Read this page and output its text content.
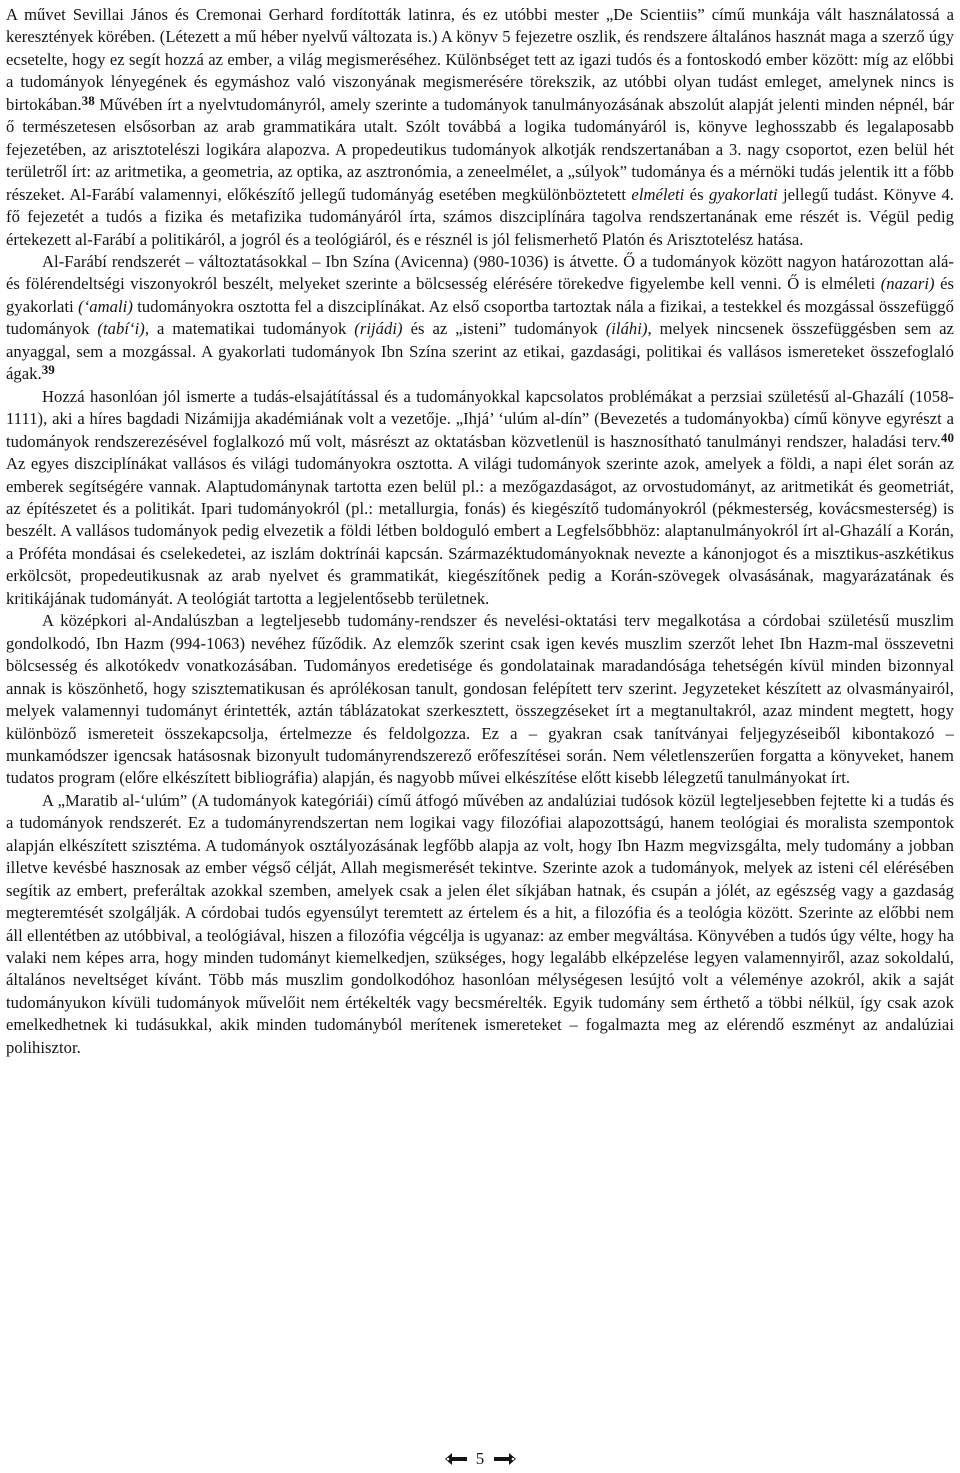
A művet Sevillai János és Cremonai Gerhard fordították latinra, és ez utóbbi mester „De Scientiis” című munkája vált használatossá a keresztények körében. (Létezett a mű héber nyelvű változata is.) A könyv 5 fejezetre oszlik, és rendszere általános hasznát maga a szerző úgy ecsetelte, hogy ez segít hozzá az ember, a világ megismeréséhez. Különbséget tett az igazi tudós és a fontoskodó ember között: míg az előbbi a tudományok lényegének és egymáshoz való viszonyának megismerésére törekszik, az utóbbi olyan tudást emleget, amelynek nincs is birtokában.$^{38}$ Művében írt a nyelvtudományról, amely szerinte a tudományok tanulmányozásának abszolút alapját jelenti minden népnél, bár ő természetesen elsősorban az arab grammatikára utalt. Szólt továbbá a logika tudományáról is, könyve leghosszabb és legalaposabb fejezetében, az arisztotelészi logikára alapozva. A propedeutikus tudományok alkotják rendszertanában a 3. nagy csoportot, ezen belül hét területről írt: az aritmetika, a geometria, az optika, az asztronómia, a zeneelmélet, a „súlyok” tudománya és a mérnöki tudás jelentik itt a főbb részeket. Al-Farábí valamennyi, előkészítő jellegű tudományág esetében megkülönböztetett elméleti és gyakorlati jellegű tudást. Könyve 4. fő fejezetét a tudós a fizika és metafizika tudományáról írta, számos diszciplínára tagolva rendszertanának eme részét is. Végül pedig értekezett al-Farábí a politikáról, a jogról és a teológiáról, és e résznél is jól felismerhető Platón és Arisztotelész hatása.

Al-Farábí rendszerét – változtatásokkal – Ibn Szína (Avicenna) (980-1036) is átvette. Ő a tudományok között nagyon határozottan alá- és fölérendeltségi viszonyokról beszélt, melyeket szerinte a bölcsesség elérésére törekedve figyelembe kell venni. Ő is elméleti (nazari) és gyakorlati (‘amali) tudományokra osztotta fel a diszciplínákat. Az első csoportba tartoztak nála a fizikai, a testekkel és mozgással összefüggő tudományok (tabí‘i), a matematikai tudományok (rijádi) és az „isteni” tudományok (iláhi), melyek nincsenek összefüggésben sem az anyaggal, sem a mozgással. A gyakorlati tudományok Ibn Szína szerint az etikai, gazdasági, politikai és vallásos ismereteket összefoglaló ágak.$^{39}$

Hozzá hasonlóan jól ismerte a tudás-elsajátítással és a tudományokkal kapcsolatos problémákat a perzsiai születésű al-Ghazálí (1058-1111), aki a híres bagdadi Nizámijja akadémiának volt a vezetője. „Ihjá’ ‘ulúm al-dín” (Bevezetés a tudományokba) című könyve egyrészt a tudományok rendszerezésével foglalkozó mű volt, másrészt az oktatásban közvetlenül is hasznosítható tanulmányi rendszer, haladási terv.$^{40}$ Az egyes diszciplínákat vallásos és világi tudományokra osztotta. A világi tudományok szerinte azok, amelyek a földi, a napi élet során az emberek segítségére vannak. Alaptudománynak tartotta ezen belül pl.: a mezőgazdaságot, az orvostudományt, az aritmetikát és geometriát, az építészetet és a politikát. Ipari tudományokról (pl.: metallurgia, fonás) és kiegészítő tudományokról (pékmesterség, kovácsmesterség) is beszélt. A vallásos tudományok pedig elvezetik a földi létben boldoguló embert a Legfelsőbbhöz: alaptanulmányokról írt al-Ghazálí a Korán, a Próféta mondásai és cselekedetei, az iszlám doktrínái kapcsán. Származéktudományoknak nevezte a kánonjogot és a misztikus-aszkétikus erkölcsöt, propedeutikusnak az arab nyelvet és grammatikát, kiegészítőnek pedig a Korán-szövegek olvasásának, magyarázatának és kritikájának tudományát. A teológiát tartotta a legjelentősebb területnek.

A középkori al-Andalúszban a legteljesebb tudomány-rendszer és nevelési-oktatási terv megalkotása a córdobai születésű muszlim gondolkodó, Ibn Hazm (994-1063) nevéhez fűződik. Az elemzők szerint csak igen kevés muszlim szerzőt lehet Ibn Hazm-mal összevetni bölcsesség és alkotókedv vonatkozásában. Tudományos eredetisége és gondolatainak maradandósága tehetségén kívül minden bizonnyal annak is köszönhető, hogy szisztematikusan és aprólékosan tanult, gondosan felépített terv szerint. Jegyzeteket készített az olvasmányairól, melyek valamennyi tudományt érintették, aztán táblázatokat szerkesztett, összegzéseket írt a megtanultakról, azaz mindent megtett, hogy különböző ismereteit összekapcsolja, értelmezze és feldolgozza. Ez a – gyakran csak tanítványai feljegyzéseiből kibontakozó – munkamódszer igencsak hatásosnak bizonyult tudományrendszerező erőfeszítései során. Nem véletlenszerűen forgatta a könyveket, hanem tudatos program (előre elkészített bibliográfia) alapján, és nagyobb művei elkészítése előtt kisebb lélegzetű tanulmányokat írt.

A „Maratib al-‘ulúm” (A tudományok kategóriái) című átfogó művében az andalúziai tudósok közül legteljesebben fejtette ki a tudás és a tudományok rendszerét. Ez a tudományrendszertan nem logikai vagy filozófiai alapozottságú, hanem teológiai és moralista szempontok alapján elkészített szisztéma. A tudományok osztályozásának legfőbb alapja az volt, hogy Ibn Hazm megvizsgálta, mely tudomány a jobban illetve kevésbé hasznosak az ember végső célját, Allah megismerését tekintve. Szerinte azok a tudományok, melyek az isteni cél elérésében segítik az embert, preferáltak azokkal szemben, amelyek csak a jelen élet síkjában hatnak, és csupán a jólét, az egészség vagy a gazdaság megteremtését szolgálják. A córdobai tudós egyensúlyt teremtett az értelem és a hit, a filozófia és a teológia között. Szerinte az előbbi nem áll ellentétben az utóbbival, a teológiával, hiszen a filozófia végcélja is ugyanaz: az ember megváltása. Könyvében a tudós úgy vélte, hogy ha valaki nem képes arra, hogy minden tudományt kiemelkedjen, szükséges, hogy legalább elképzelése legyen valamennyiről, azaz sokoldalú, általános neveltséget kívánt. Több más muszlim gondolkodóhoz hasonlóan mélységesen lesújtó volt a véleménye azokról, akik a saját tudományukon kívüli tudományok művelőit nem értékelték vagy becsmérelték. Egyik tudomány sem érthető a többi nélkül, így csak azok emelkedhetnek ki tudásukkal, akik minden tudományból merítenek ismereteket – fogalmazta meg az elérendő eszményt az andalúziai polihisztor.

5
